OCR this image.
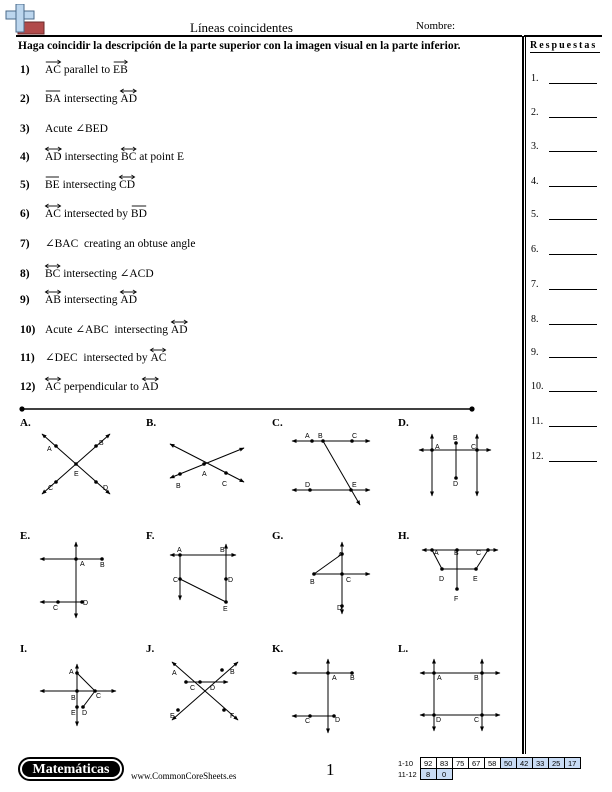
Líneas coincidentes	Nombre:
Haga coincidir la descripción de la parte superior con la imagen visual en la parte inferior.	Respuestas
1.
2.
3.
4.
5.
6.
7.
8.
9.
10.
11.
12.
1) AC
parallel to EB
2) BA
intersecting AD
3) Acute ∠BED
4) AD
intersecting BC
at point E
5) BE
intersecting CD
6) AC
intersected by BD
7) ∠BAC  creating an obtuse angle
8) BC
intersecting ∠ACD
9) AB
intersecting AD
10) Acute ∠ABC  intersecting AD
11) ∠DEC  intersected by AC
12) AC
perpendicular to AD
A.	B.	C.	D.
E.	F.	G.	H.
I.	J.	K.	L.
A
B
C	D
E
B
A
C
A B	C
D	E
A
B
C
D
A B
C
D
A	B
C	D
E
A
B	C
D
A B C
D	E
F
A
B	C
D
E
A	B
C D
E	F
A B
C	D
A	B
D	C
Matemáticas	www.CommonCoreSheets.es	1	1-10	92	83	75	67	58	50	42	33	25	17
11-12	8	0								
